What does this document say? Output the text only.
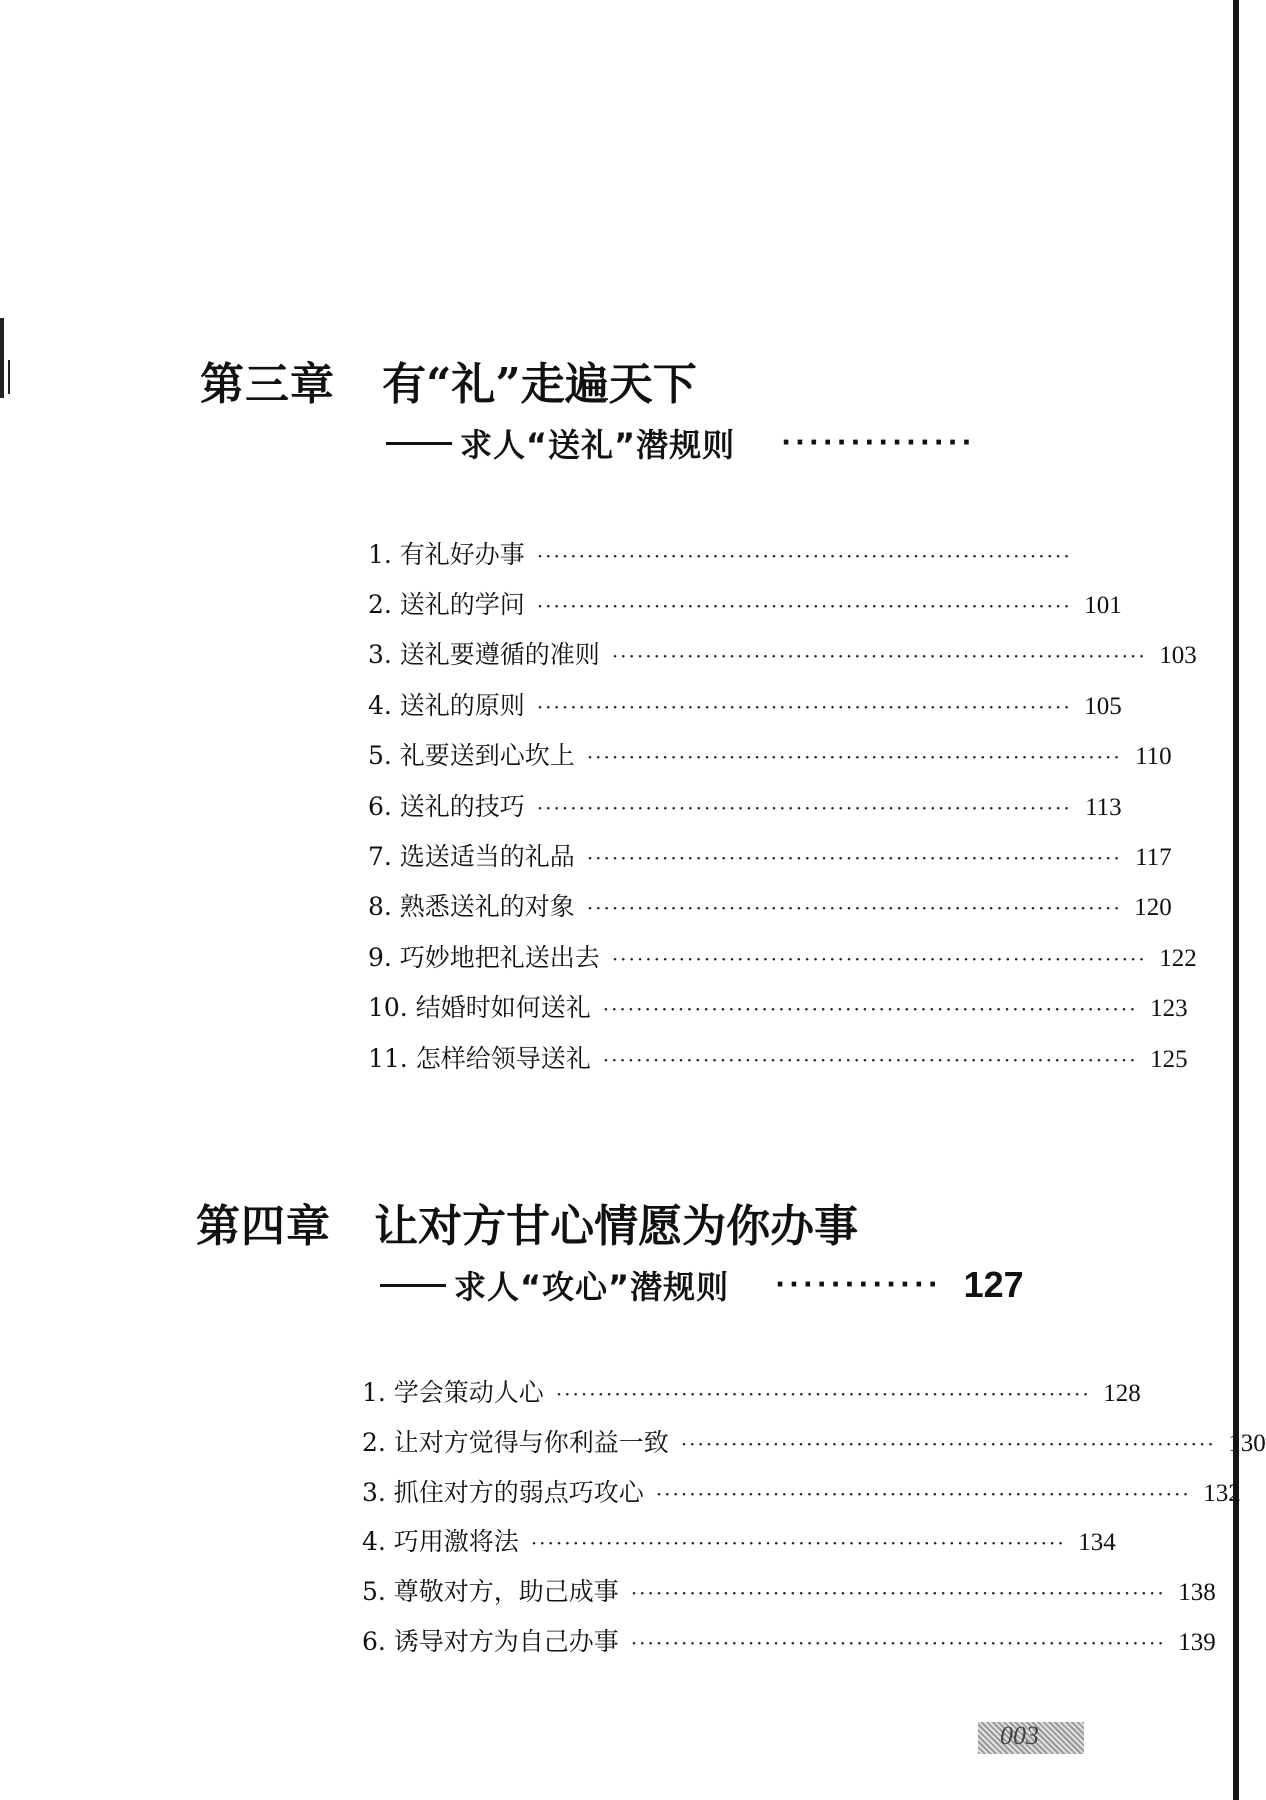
第三章 有“礼”走遍天下
求人“送礼”潜规则 ··············
1. 有礼好办事 ································································
2. 送礼的学问 ································································ 101
3. 送礼要遵循的准则 ································································ 103
4. 送礼的原则 ································································ 105
5. 礼要送到心坎上 ································································ 110
6. 送礼的技巧 ································································ 113
7. 选送适当的礼品 ································································ 117
8. 熟悉送礼的对象 ································································ 120
9. 巧妙地把礼送出去 ································································ 122
10. 结婚时如何送礼 ································································ 123
11. 怎样给领导送礼 ································································ 125
第四章 让对方甘心情愿为你办事
求人“攻心”潜规则 ············ 127
1. 学会策动人心 ································································ 128
2. 让对方觉得与你利益一致 ································································ 130
3. 抓住对方的弱点巧攻心 ································································ 132
4. 巧用激将法 ································································ 134
5. 尊敬对方，助己成事 ································································ 138
6. 诱导对方为自己办事 ································································ 139
003
